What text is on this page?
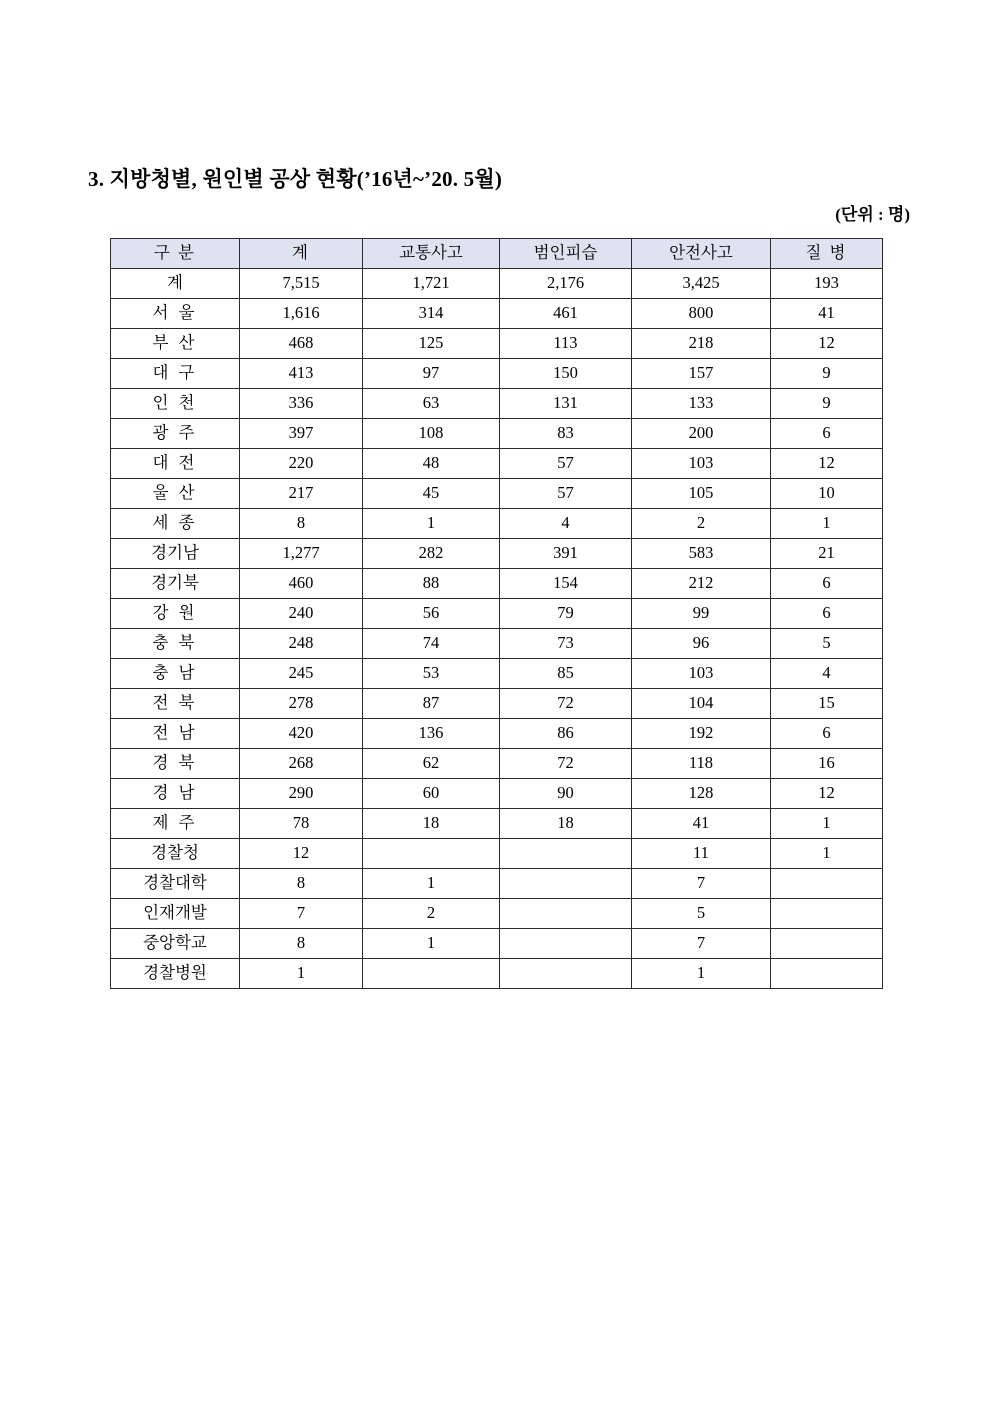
3. 지방청별, 원인별 공상 현황(’16년~’20. 5월)
(단위 : 명)
구 분	계	교통사고	범인피습	안전사고	질 병
계	7,515	1,721	2,176	3,425	193
서 울	1,616	314	461	800	41
부 산	468	125	113	218	12
대 구	413	97	150	157	9
인 천	336	63	131	133	9
광 주	397	108	83	200	6
대 전	220	48	57	103	12
울 산	217	45	57	105	10
세 종	8	1	4	2	1
경기남	1,277	282	391	583	21
경기북	460	88	154	212	6
강 원	240	56	79	99	6
충 북	248	74	73	96	5
충 남	245	53	85	103	4
전 북	278	87	72	104	15
전 남	420	136	86	192	6
경 북	268	62	72	118	16
경 남	290	60	90	128	12
제 주	78	18	18	41	1
경찰청	12			11	1
경찰대학	8	1		7	
인재개발	7	2		5	
중앙학교	8	1		7	
경찰병원	1			1	
